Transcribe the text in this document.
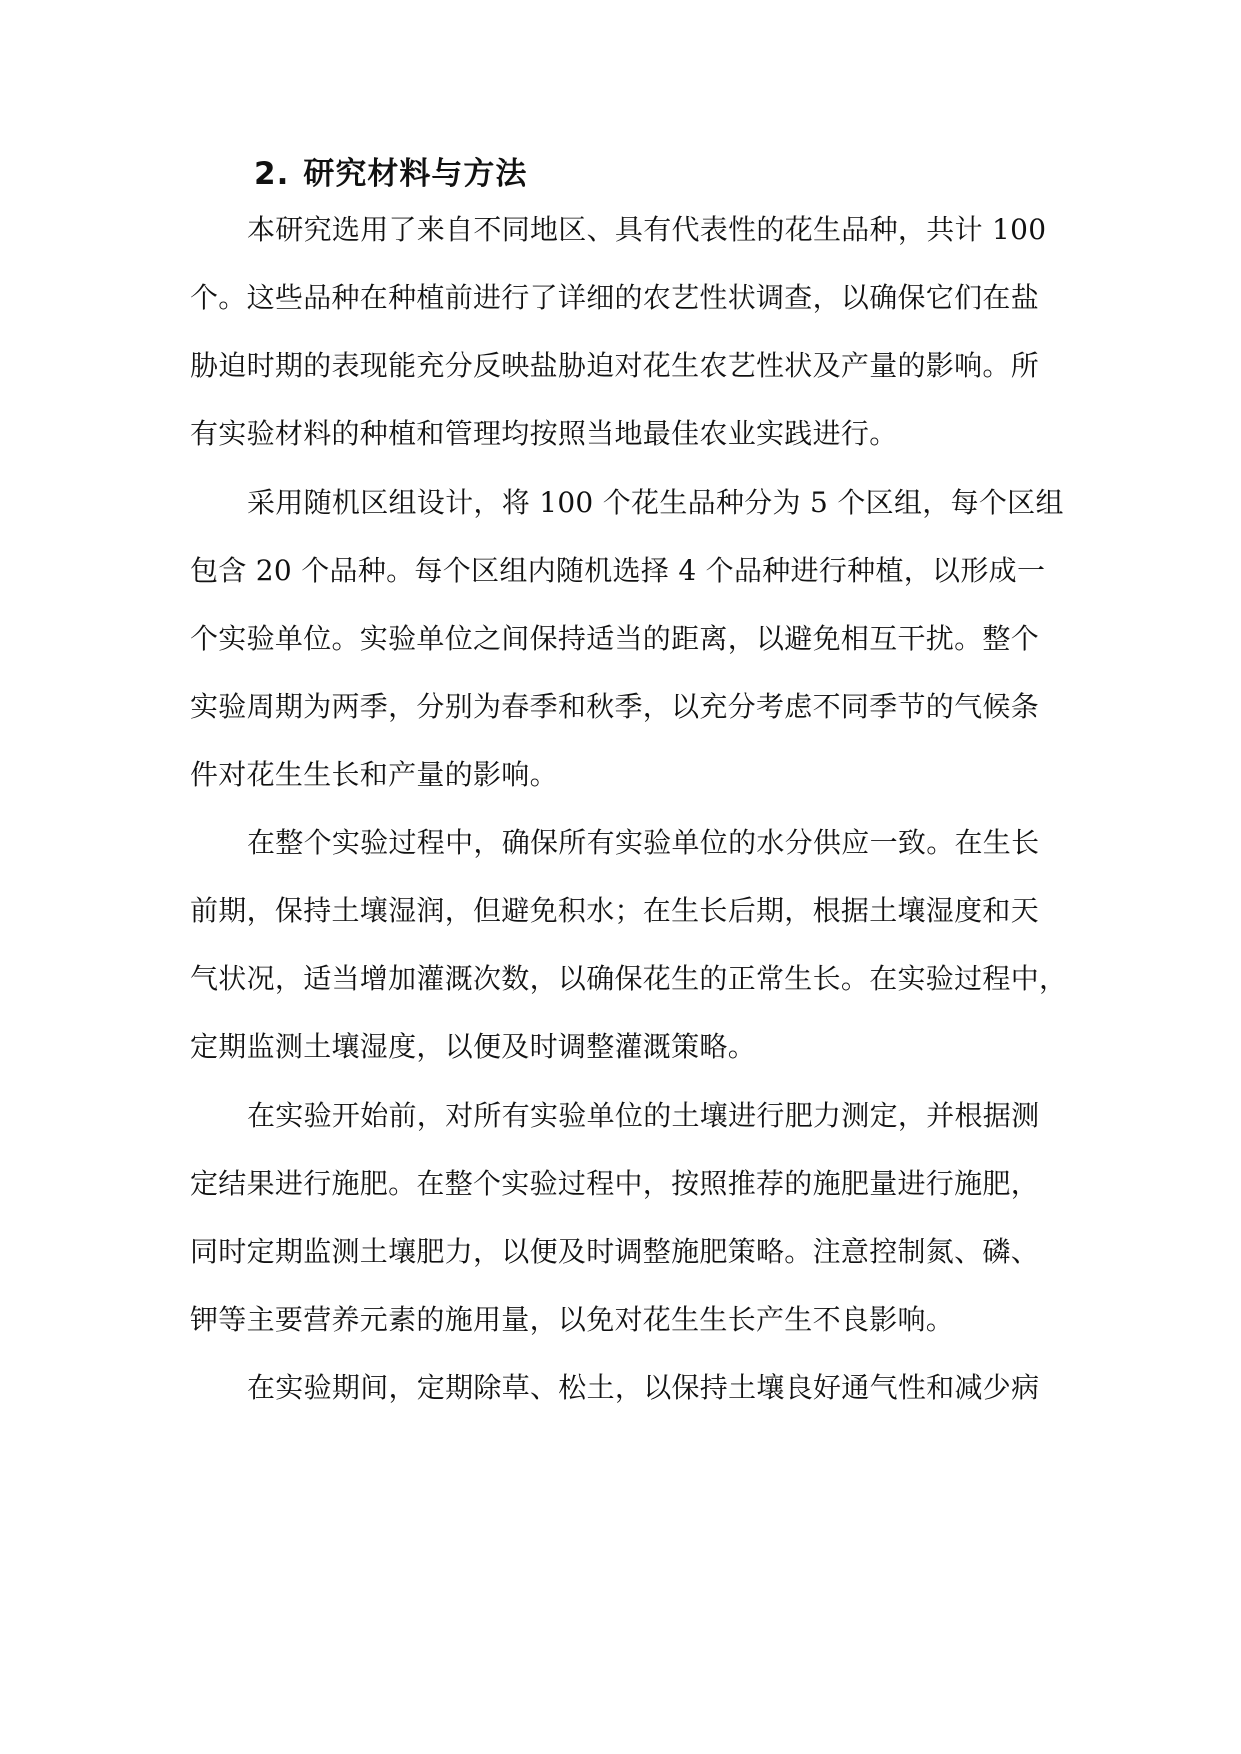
2. 研究材料与方法

本研究选用了来自不同地区、具有代表性的花生品种，共计 100

个。这些品种在种植前进行了详细的农艺性状调查，以确保它们在盐

胁迫时期的表现能充分反映盐胁迫对花生农艺性状及产量的影响。所

有实验材料的种植和管理均按照当地最佳农业实践进行。

采用随机区组设计，将 100 个花生品种分为 5 个区组，每个区组

包含 20 个品种。每个区组内随机选择 4 个品种进行种植，以形成一

个实验单位。实验单位之间保持适当的距离，以避免相互干扰。整个

实验周期为两季，分别为春季和秋季，以充分考虑不同季节的气候条

件对花生生长和产量的影响。

在整个实验过程中，确保所有实验单位的水分供应一致。在生长

前期，保持土壤湿润，但避免积水；在生长后期，根据土壤湿度和天

气状况，适当增加灌溉次数，以确保花生的正常生长。在实验过程中，

定期监测土壤湿度，以便及时调整灌溉策略。

在实验开始前，对所有实验单位的土壤进行肥力测定，并根据测

定结果进行施肥。在整个实验过程中，按照推荐的施肥量进行施肥，

同时定期监测土壤肥力，以便及时调整施肥策略。注意控制氮、磷、

钾等主要营养元素的施用量，以免对花生生长产生不良影响。

在实验期间，定期除草、松土，以保持土壤良好通气性和减少病
